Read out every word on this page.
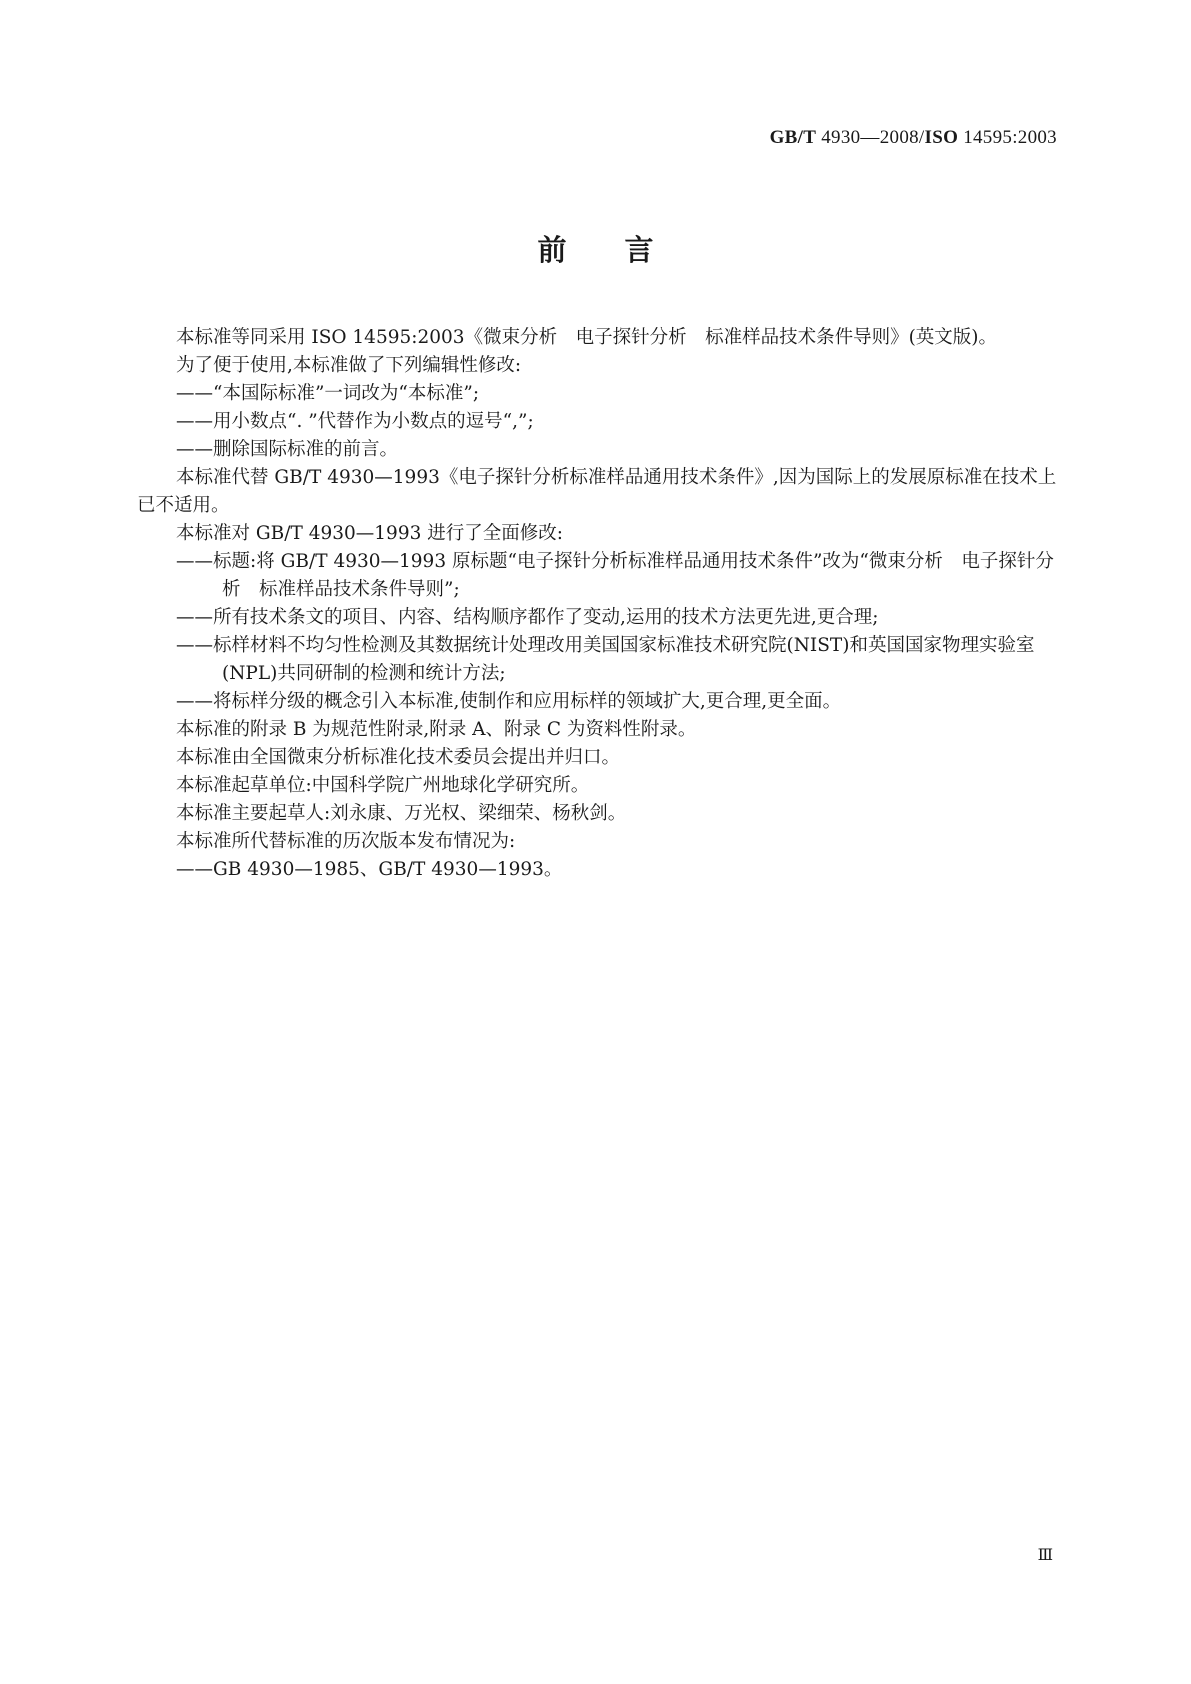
GB/T 4930—2008/ISO 14595:2003
前言

本标准等同采用 ISO 14595:2003《微束分析　电子探针分析　标准样品技术条件导则》(英文版)。

为了便于使用,本标准做了下列编辑性修改:

——“本国际标准”一词改为“本标准”;

——用小数点“. ”代替作为小数点的逗号“,”;

——删除国际标准的前言。

本标准代替 GB/T 4930—1993《电子探针分析标准样品通用技术条件》,因为国际上的发展原标准在技术上已不适用。

本标准对 GB/T 4930—1993 进行了全面修改:

——标题:将 GB/T 4930—1993 原标题“电子探针分析标准样品通用技术条件”改为“微束分析　电子探针分析　标准样品技术条件导则”;

——所有技术条文的项目、内容、结构顺序都作了变动,运用的技术方法更先进,更合理;

——标样材料不均匀性检测及其数据统计处理改用美国国家标准技术研究院(NIST)和英国国家物理实验室(NPL)共同研制的检测和统计方法;

——将标样分级的概念引入本标准,使制作和应用标样的领域扩大,更合理,更全面。

本标准的附录 B 为规范性附录,附录 A、附录 C 为资料性附录。

本标准由全国微束分析标准化技术委员会提出并归口。

本标准起草单位:中国科学院广州地球化学研究所。

本标准主要起草人:刘永康、万光权、梁细荣、杨秋剑。

本标准所代替标准的历次版本发布情况为:

——GB 4930—1985、GB/T 4930—1993。

Ⅲ
